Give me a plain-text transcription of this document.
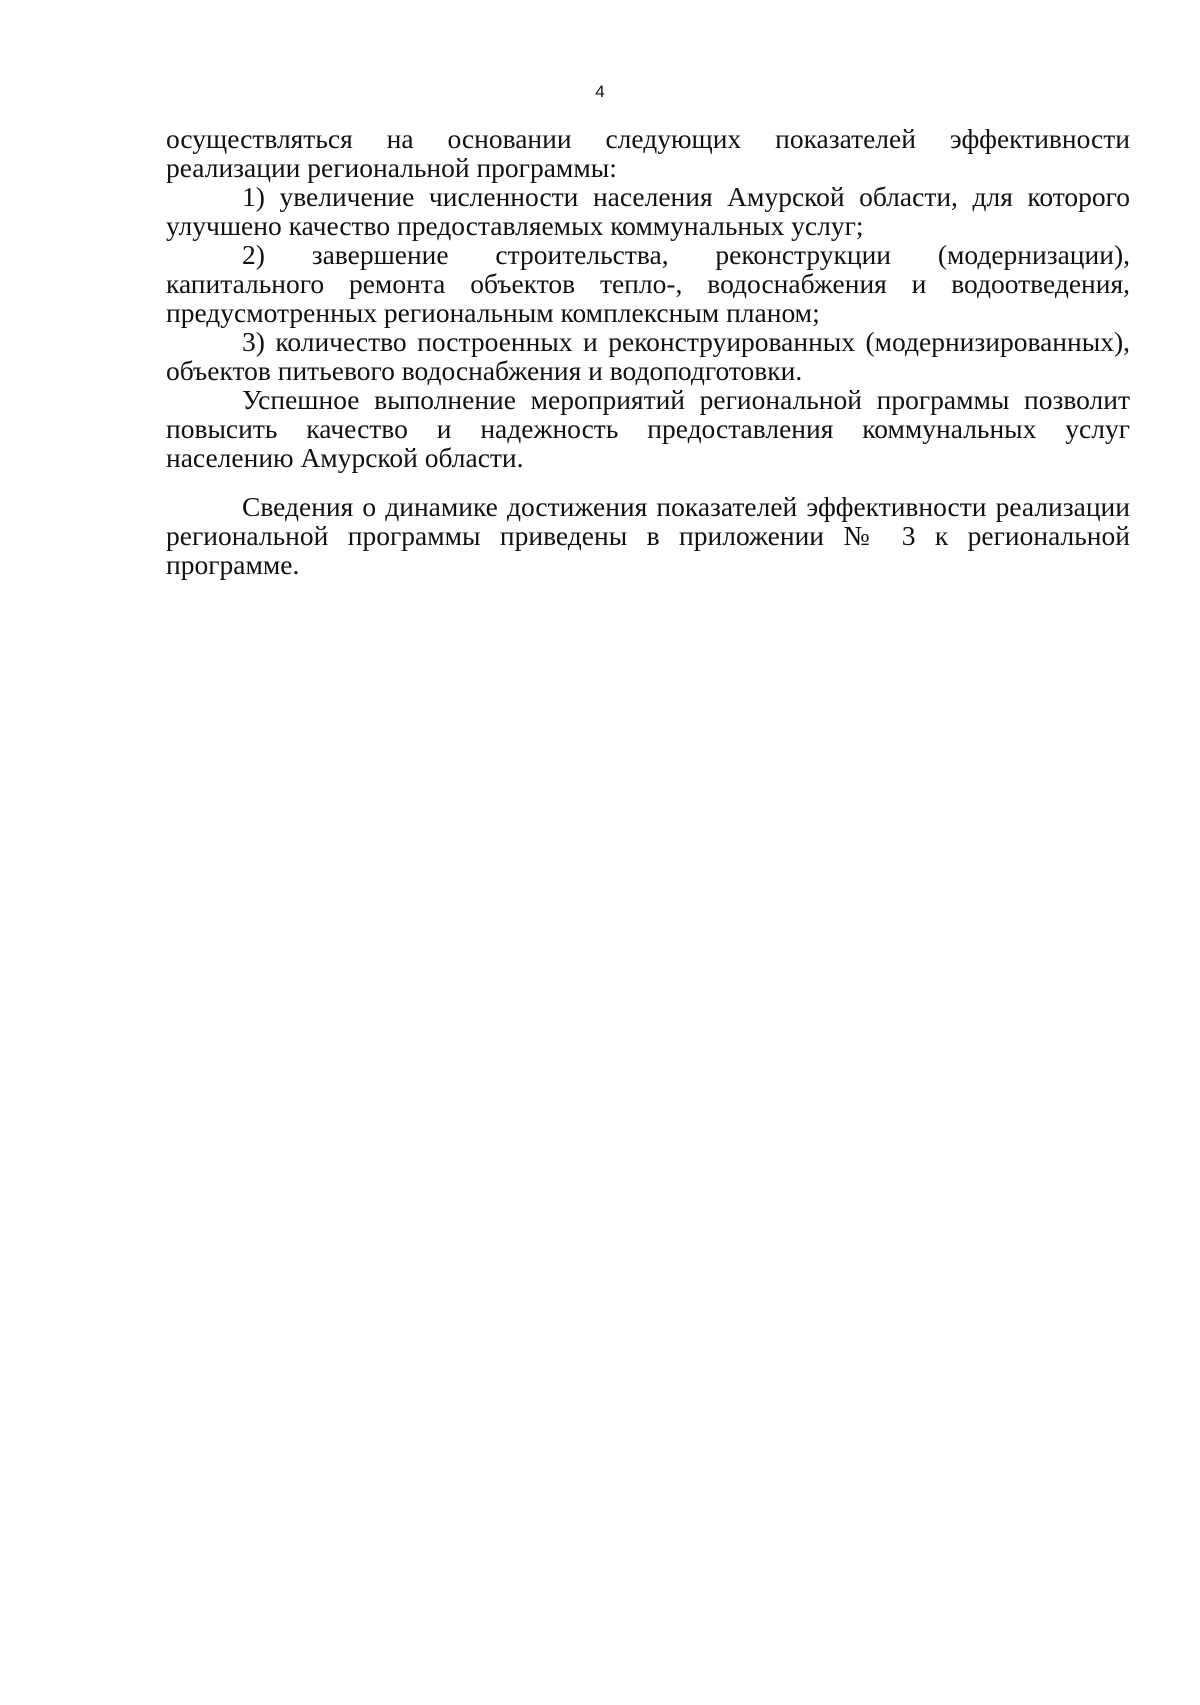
4

осуществляться на основании следующих показателей эффективности реализации региональной программы:

1) увеличение численности населения Амурской области, для которого улучшено качество предоставляемых коммунальных услуг;

2) завершение строительства, реконструкции (модернизации), капитального ремонта объектов тепло-, водоснабжения и водоотведения, предусмотренных региональным комплексным планом;

3) количество построенных и реконструированных (модернизированных), объектов питьевого водоснабжения и водоподготовки.

Успешное выполнение мероприятий региональной программы позволит повысить качество и надежность предоставления коммунальных услуг населению Амурской области.

Сведения о динамике достижения показателей эффективности реализации региональной программы приведены в приложении № 3 к региональной программе.
